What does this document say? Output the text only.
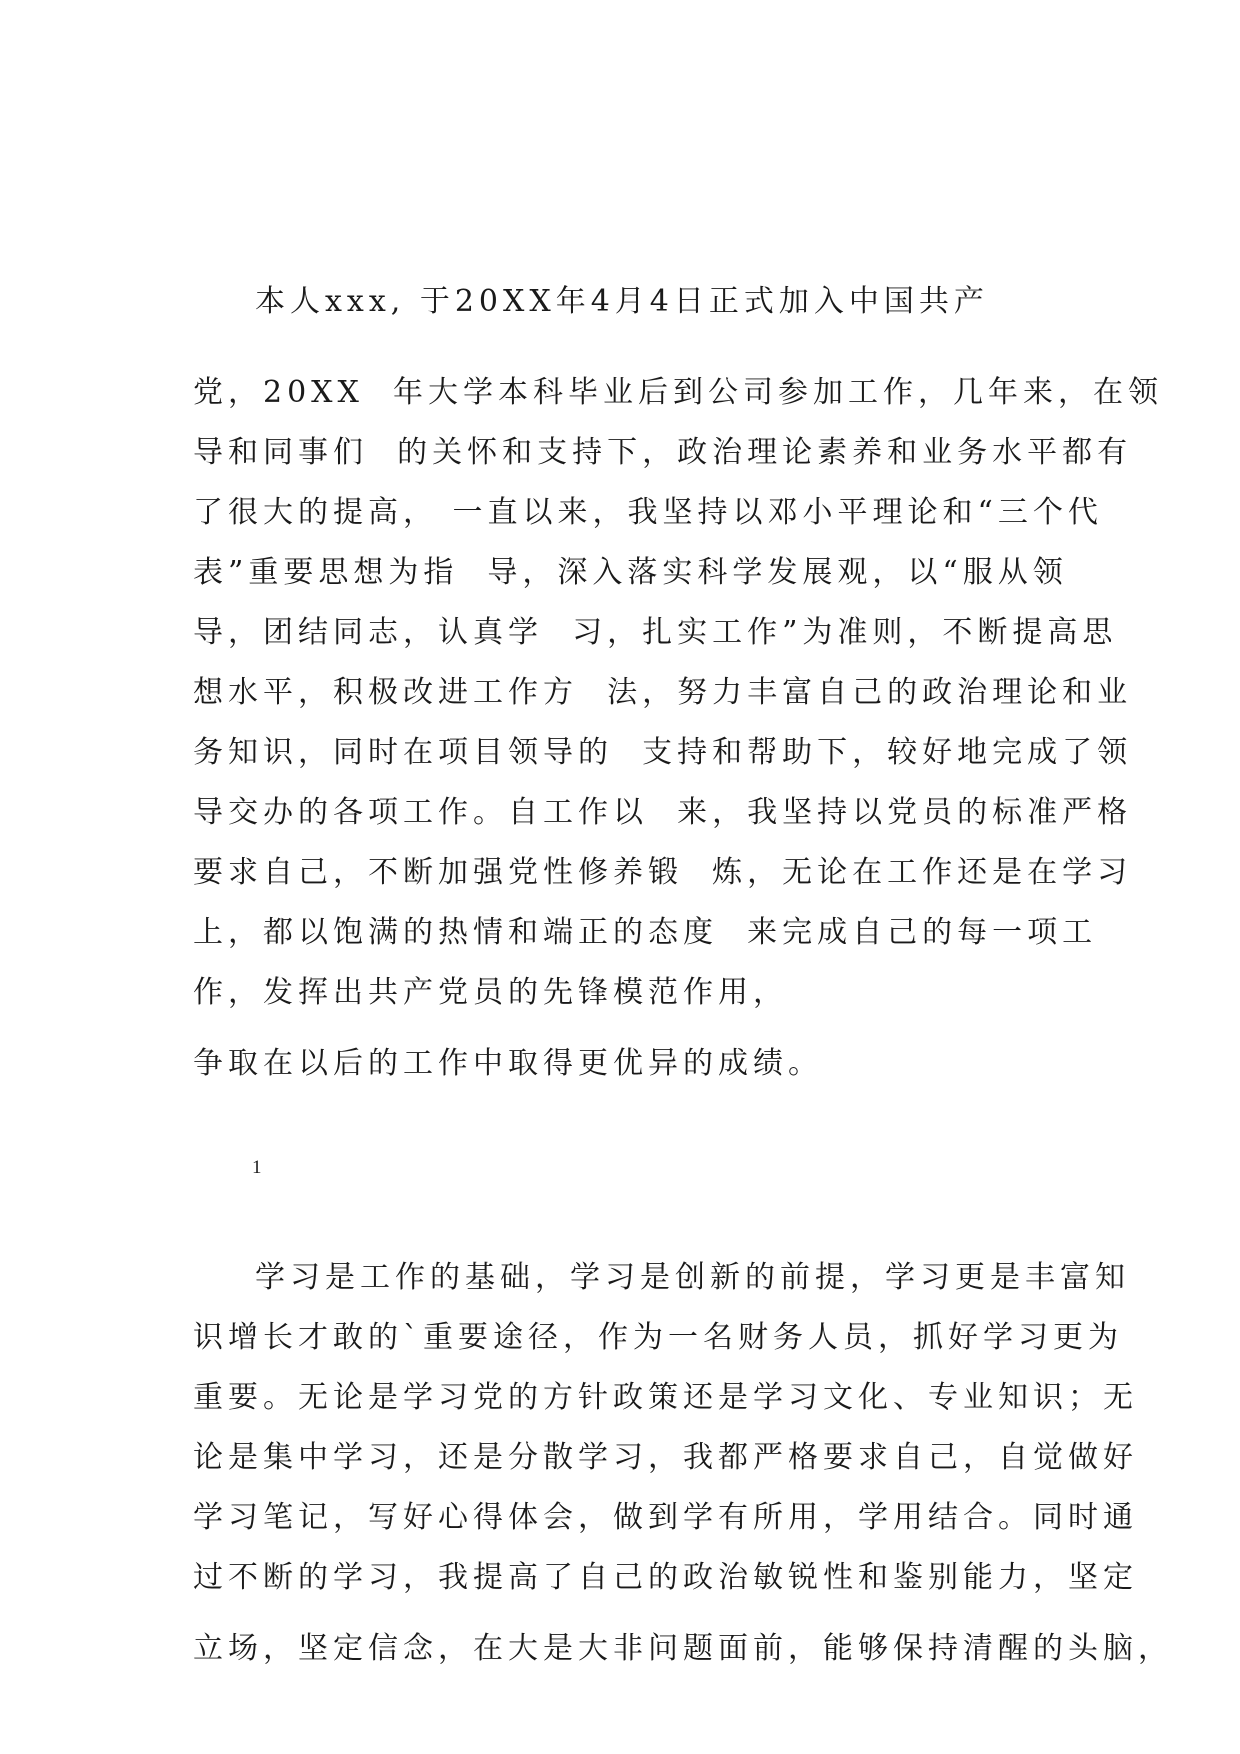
本人xxx, 于20XX年4月4日正式加入中国共产

党，20XX  年大学本科毕业后到公司参加工作，几年来，在领

导和同事们  的关怀和支持下，政治理论素养和业务水平都有

了很大的提高， 一直以来，我坚持以邓小平理论和“三个代

表”重要思想为指  导，深入落实科学发展观，以“服从领

导，团结同志，认真学  习，扎实工作”为准则，不断提高思

想水平，积极改进工作方  法，努力丰富自己的政治理论和业

务知识，同时在项目领导的  支持和帮助下，较好地完成了领

导交办的各项工作。自工作以  来，我坚持以党员的标准严格

要求自己，不断加强党性修养锻  炼，无论在工作还是在学习

上，都以饱满的热情和端正的态度  来完成自己的每一项工

作，发挥出共产党员的先锋模范作用，

争取在以后的工作中取得更优异的成绩。

1

学习是工作的基础，学习是创新的前提，学习更是丰富知

识增长才敢的`重要途径，作为一名财务人员，抓好学习更为

重要。无论是学习党的方针政策还是学习文化、专业知识；无

论是集中学习，还是分散学习，我都严格要求自己，自觉做好

学习笔记，写好心得体会，做到学有所用，学用结合。同时通

过不断的学习，我提高了自己的政治敏锐性和鉴别能力，坚定

立场，坚定信念，在大是大非问题面前，能够保持清醒的头脑，
